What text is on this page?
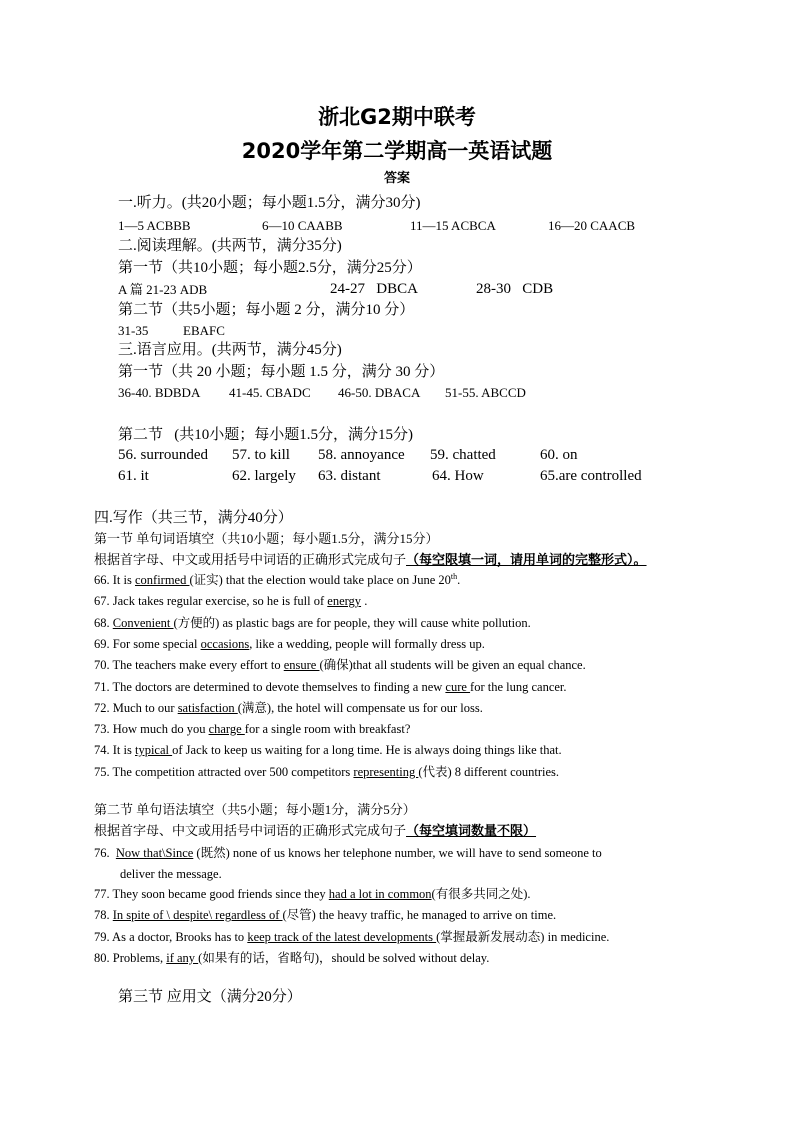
浙北G2期中联考
2020学年第二学期高一英语试题
答案
一.听力。(共20小题；每小题1.5分，满分30分)
1—5 ACBBB	6—10 CAABB	11—15 ACBCA	16—20 CAACB
二.阅读理解。(共两节，满分35分)
第一节（共10小题；每小题2.5分，满分25分）
A 篇 21-23 ADB	24-27   DBCA	28-30   CDB
第二节（共5小题；每小题 2 分，满分10 分）
31-35	EBAFC
三.语言应用。(共两节，满分45分)
第一节（共 20 小题；每小题 1.5 分，满分 30 分）
36-40. BDBDA 41-45. CBADC 46-50. DBACA 51-55. ABCCD
第二节   (共10小题；每小题1.5分，满分15分)
56. surrounded 57. to kill 58. annoyance 59. chatted	60. on
61. it	62. largely 63. distant	64. How	65.are controlled
四.写作（共三节，满分40分）
第一节 单句词语填空（共10小题；每小题1.5分，满分15分）
根据首字母、中文或用括号中词语的正确形式完成句子（每空限填一词，请用单词的完整形式）。
66. It is confirmed (证实) that the election would take place on June 20th.
67. Jack takes regular exercise, so he is full of energy .
68. Convenient (方便的) as plastic bags are for people, they will cause white pollution.
69. For some special occasions, like a wedding, people will formally dress up.
70. The teachers make every effort to ensure (确保)that all students will be given an equal chance.
71. The doctors are determined to devote themselves to finding a new cure for the lung cancer.
72. Much to our satisfaction (满意), the hotel will compensate us for our loss.
73. How much do you charge for a single room with breakfast?
74. It is typical of Jack to keep us waiting for a long time. He is always doing things like that.
75. The competition attracted over 500 competitors representing (代表) 8 different countries.
第二节 单句语法填空（共5小题；每小题1分，满分5分）
根据首字母、中文或用括号中词语的正确形式完成句子（每空填词数量不限）
76.  Now that\Since (既然) none of us knows her telephone number, we will have to send someone to
deliver the message.
77. They soon became good friends since they had a lot in common(有很多共同之处).
78. In spite of \ despite\ regardless of (尽管) the heavy traffic, he managed to arrive on time.
79. As a doctor, Brooks has to keep track of the latest developments (掌握最新发展动态) in medicine.
80. Problems, if any (如果有的话，省略句)，should be solved without delay.
第三节 应用文（满分20分）
